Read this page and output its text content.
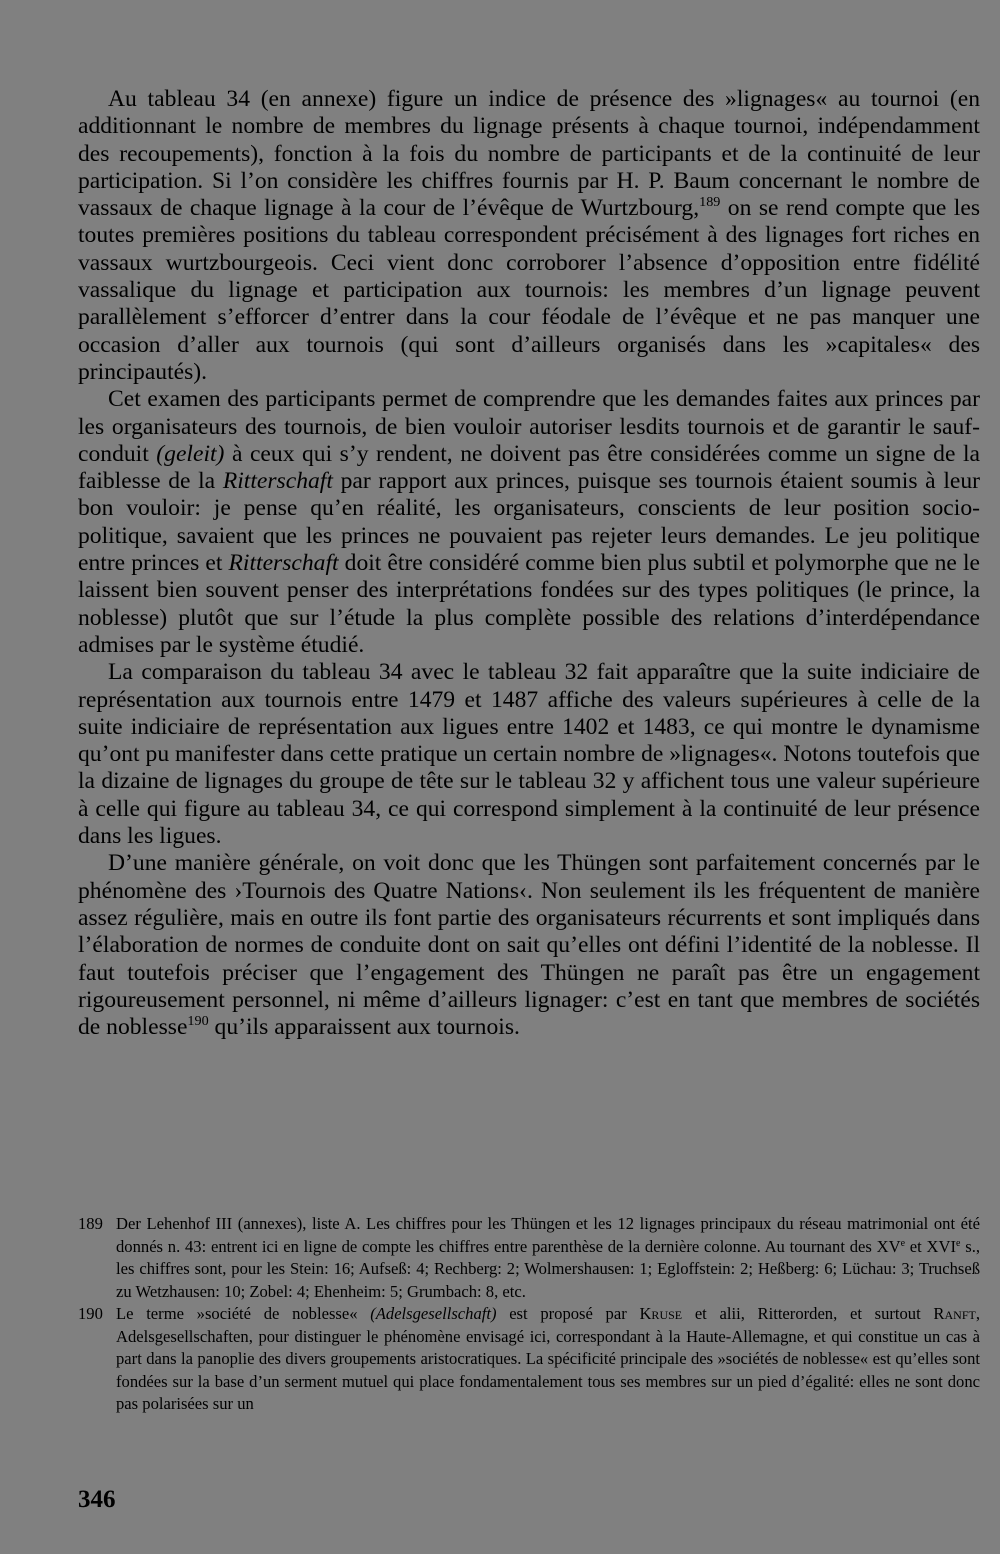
Au tableau 34 (en annexe) figure un indice de présence des »lignages« au tournoi (en additionnant le nombre de membres du lignage présents à chaque tournoi, indépendamment des recoupements), fonction à la fois du nombre de participants et de la continuité de leur participation. Si l’on considère les chiffres fournis par H. P. Baum concernant le nombre de vassaux de chaque lignage à la cour de l’évêque de Wurtzbourg,$^{189}$ on se rend compte que les toutes premières positions du tableau correspondent précisément à des lignages fort riches en vassaux wurtzbourgeois. Ceci vient donc corroborer l’absence d’opposition entre fidélité vassalique du lignage et participation aux tournois: les membres d’un lignage peuvent parallèlement s’efforcer d’entrer dans la cour féodale de l’évêque et ne pas manquer une occasion d’aller aux tournois (qui sont d’ailleurs organisés dans les »capitales« des principautés).

Cet examen des participants permet de comprendre que les demandes faites aux princes par les organisateurs des tournois, de bien vouloir autoriser lesdits tournois et de garantir le sauf-conduit (geleit) à ceux qui s’y rendent, ne doivent pas être considérées comme un signe de la faiblesse de la Ritterschaft par rapport aux princes, puisque ses tournois étaient soumis à leur bon vouloir: je pense qu’en réalité, les organisateurs, conscients de leur position socio-politique, savaient que les princes ne pouvaient pas rejeter leurs demandes. Le jeu politique entre princes et Ritterschaft doit être considéré comme bien plus subtil et polymorphe que ne le laissent bien souvent penser des interprétations fondées sur des types politiques (le prince, la noblesse) plutôt que sur l’étude la plus complète possible des relations d’interdépendance admises par le système étudié.

La comparaison du tableau 34 avec le tableau 32 fait apparaître que la suite indiciaire de représentation aux tournois entre 1479 et 1487 affiche des valeurs supérieures à celle de la suite indiciaire de représentation aux ligues entre 1402 et 1483, ce qui montre le dynamisme qu’ont pu manifester dans cette pratique un certain nombre de »lignages«. Notons toutefois que la dizaine de lignages du groupe de tête sur le tableau 32 y affichent tous une valeur supérieure à celle qui figure au tableau 34, ce qui correspond simplement à la continuité de leur présence dans les ligues.

D’une manière générale, on voit donc que les Thüngen sont parfaitement concernés par le phénomène des ›Tournois des Quatre Nations‹. Non seulement ils les fréquentent de manière assez régulière, mais en outre ils font partie des organisateurs récurrents et sont impliqués dans l’élaboration de normes de conduite dont on sait qu’elles ont défini l’identité de la noblesse. Il faut toutefois préciser que l’engagement des Thüngen ne paraît pas être un engagement rigoureusement personnel, ni même d’ailleurs lignager: c’est en tant que membres de sociétés de noblesse$^{190}$ qu’ils apparaissent aux tournois.

189 Der Lehenhof III (annexes), liste A. Les chiffres pour les Thüngen et les 12 lignages principaux du réseau matrimonial ont été donnés n. 43: entrent ici en ligne de compte les chiffres entre parenthèse de la dernière colonne. Au tournant des XVe et XVIe s., les chiffres sont, pour les Stein: 16; Aufseß: 4; Rechberg: 2; Wolmershausen: 1; Egloffstein: 2; Heßberg: 6; Lüchau: 3; Truchseß zu Wetzhausen: 10; Zobel: 4; Ehenheim: 5; Grumbach: 8, etc.
190 Le terme »société de noblesse« (Adelsgesellschaft) est proposé par Kruse et alii, Ritterorden, et surtout Ranft, Adelsgesellschaften, pour distinguer le phénomène envisagé ici, correspondant à la Haute-Allemagne, et qui constitue un cas à part dans la panoplie des divers groupements aristocratiques. La spécificité principale des »sociétés de noblesse« est qu’elles sont fondées sur la base d’un serment mutuel qui place fondamentalement tous ses membres sur un pied d’égalité: elles ne sont donc pas polarisées sur un
346
